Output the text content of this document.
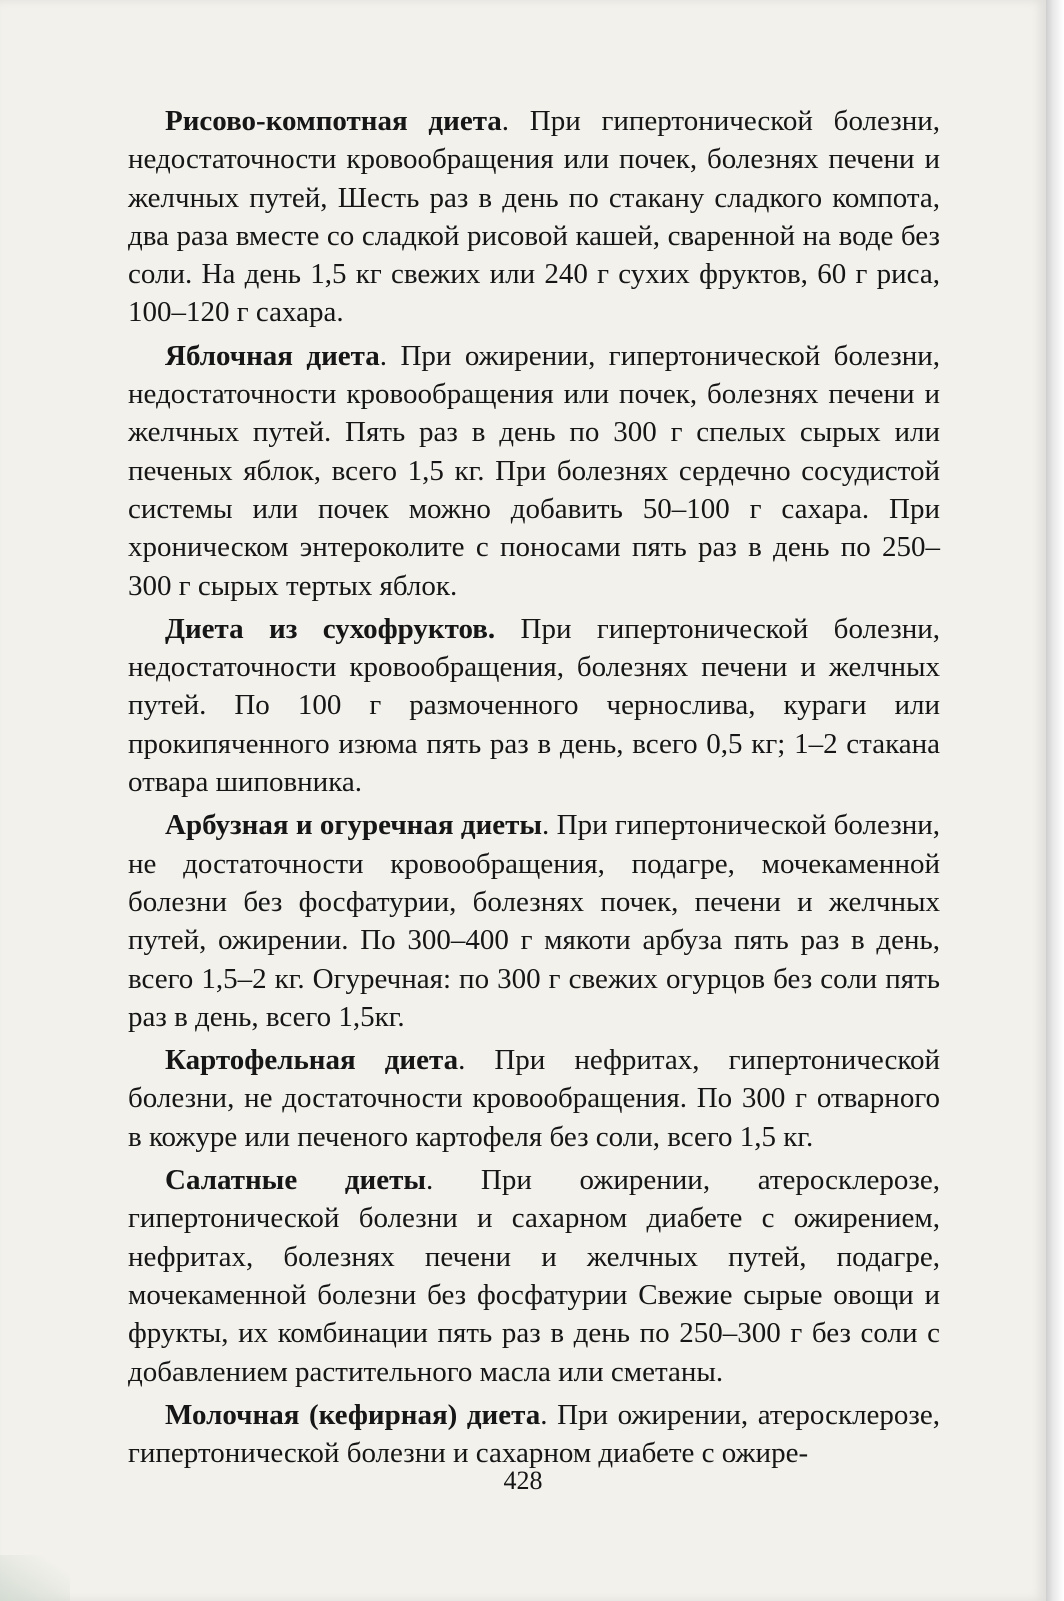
Рисово-компотная диета. При гипертонической болезни, недостаточности кровообращения или почек, болезнях печени и желчных путей, Шесть раз в день по стакану сладкого компота, два раза вместе со сладкой рисовой кашей, сваренной на воде без соли. На день 1,5 кг свежих или 240 г сухих фруктов, 60 г риса, 100–120 г сахара.

Яблочная диета. При ожирении, гипертонической болезни, недостаточности кровообращения или почек, болезнях печени и желчных путей. Пять раз в день по 300 г спелых сырых или печеных яблок, всего 1,5 кг. При болезнях сердечно сосудистой системы или почек можно добавить 50–100 г сахара. При хроническом энтероколите с поносами пять раз в день по 250–300 г сырых тертых яблок.

Диета из сухофруктов. При гипертонической болезни, недостаточности кровообращения, болезнях печени и желчных путей. По 100 г размоченного чернослива, кураги или прокипяченного изюма пять раз в день, всего 0,5 кг; 1–2 стакана отвара шиповника.

Арбузная и огуречная диеты. При гипертонической болезни, не достаточности кровообращения, подагре, мочекаменной болезни без фосфатурии, болезнях почек, печени и желчных путей, ожирении. По 300–400 г мякоти арбуза пять раз в день, всего 1,5–2 кг. Огуречная: по 300 г свежих огурцов без соли пять раз в день, всего 1,5кг.

Картофельная диета. При нефритах, гипертонической болезни, не достаточности кровообращения. По 300 г отварного в кожуре или печеного картофеля без соли, всего 1,5 кг.

Салатные диеты. При ожирении, атеросклерозе, гипертонической болезни и сахарном диабете с ожирением, нефритах, болезнях печени и желчных путей, подагре, мочекаменной болезни без фосфатурии Свежие сырые овощи и фрукты, их комбинации пять раз в день по 250–300 г без соли с добавлением растительного масла или сметаны.

Молочная (кефирная) диета. При ожирении, атеросклерозе, гипертонической болезни и сахарном диабете с ожире-

428
